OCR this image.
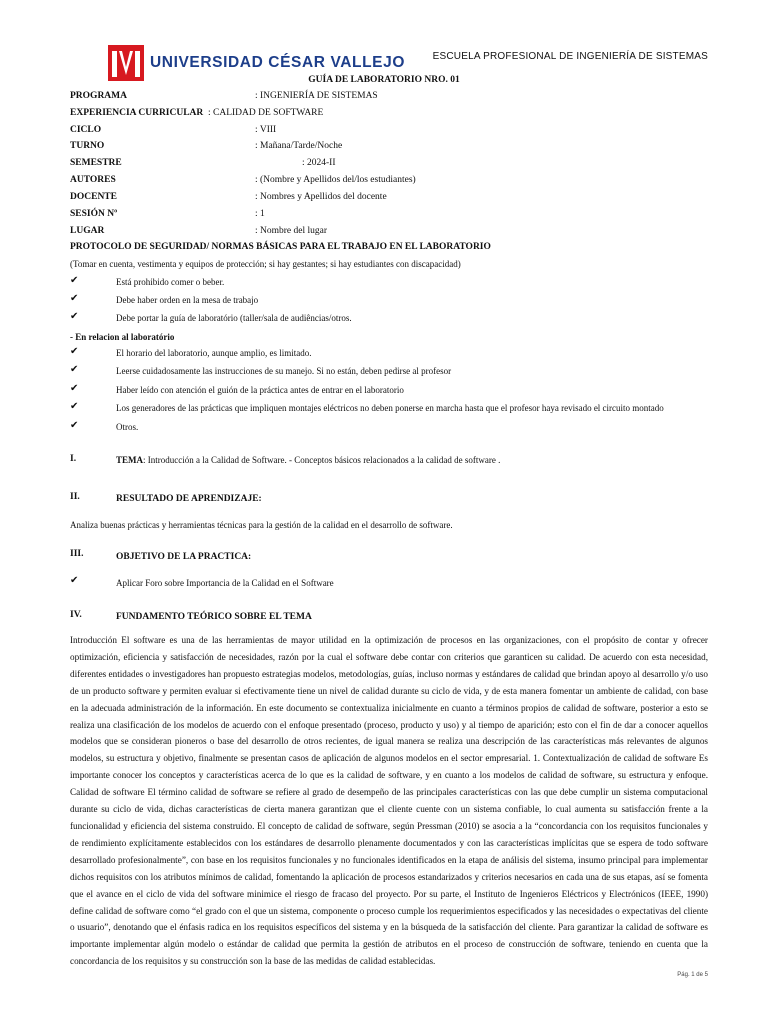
UNIVERSIDAD CÉSAR VALLEJO	ESCUELA PROFESIONAL DE INGENIERÍA DE SISTEMAS
GUÍA DE LABORATORIO NRO. 01
PROGRAMA	: INGENIERÍA DE SISTEMAS
EXPERIENCIA CURRICULAR : CALIDAD DE SOFTWARE
CICLO	: VIII
TURNO	: Mañana/Tarde/Noche
SEMESTRE	: 2024-II
AUTORES	: (Nombre y Apellidos del/los estudiantes)
DOCENTE	: Nombres y Apellidos del docente
SESIÓN Nº	: 1
LUGAR	: Nombre del lugar
PROTOCOLO DE SEGURIDAD/ NORMAS BÁSICAS PARA EL TRABAJO EN EL LABORATORIO
(Tomar en cuenta, vestimenta y equipos de protección; si hay gestantes; si hay estudiantes con discapacidad)
✔	Está prohibido comer o beber.
✔	Debe haber orden en la mesa de trabajo
✔	Debe portar la guía de laboratório (taller/sala de audiências/otros.
- En relacion al laboratório
✔	El horario del laboratorio, aunque amplio, es limitado.
✔	Leerse cuidadosamente las instrucciones de su manejo. Si no están, deben pedirse al profesor
✔	Haber leído con atención el guión de la práctica antes de entrar en el laboratorio
✔	Los generadores de las prácticas que impliquen montajes eléctricos no deben ponerse en marcha hasta que el profesor haya revisado el circuito montado
✔	Otros.
I.	TEMA: Introducción a la Calidad de Software. - Conceptos básicos relacionados a la calidad de software .
II.	RESULTADO DE APRENDIZAJE:
Analiza buenas prácticas y herramientas técnicas para la gestión de la calidad en el desarrollo de software.
III.	OBJETIVO DE LA PRACTICA:
✔	Aplicar Foro sobre Importancia de la Calidad en el Software
IV.	FUNDAMENTO TEÓRICO SOBRE EL TEMA
Introducción El software es una de las herramientas de mayor utilidad en la optimización de procesos en las organizaciones, con el propósito de contar y ofrecer optimización, eficiencia y satisfacción de necesidades, razón por la cual el software debe contar con criterios que garanticen su calidad. De acuerdo con esta necesidad, diferentes entidades o investigadores han propuesto estrategias modelos, metodologías, guías, incluso normas y estándares de calidad que brindan apoyo al desarrollo y/o uso de un producto software y permiten evaluar si efectivamente tiene un nivel de calidad durante su ciclo de vida, y de esta manera fomentar un ambiente de calidad, con base en la adecuada administración de la información. En este documento se contextualiza inicialmente en cuanto a términos propios de calidad de software, posterior a esto se realiza una clasificación de los modelos de acuerdo con el enfoque presentado (proceso, producto y uso) y al tiempo de aparición; esto con el fin de dar a conocer aquellos modelos que se consideran pioneros o base del desarrollo de otros recientes, de igual manera se realiza una descripción de las características más relevantes de algunos modelos, su estructura y objetivo, finalmente se presentan casos de aplicación de algunos modelos en el sector empresarial. 1. Contextualización de calidad de software Es importante conocer los conceptos y características acerca de lo que es la calidad de software, y en cuanto a los modelos de calidad de software, su estructura y enfoque. Calidad de software El término calidad de software se refiere al grado de desempeño de las principales características con las que debe cumplir un sistema computacional durante su ciclo de vida, dichas características de cierta manera garantizan que el cliente cuente con un sistema confiable, lo cual aumenta su satisfacción frente a la funcionalidad y eficiencia del sistema construido. El concepto de calidad de software, según Pressman (2010) se asocia a la “concordancia con los requisitos funcionales y de rendimiento explícitamente establecidos con los estándares de desarrollo plenamente documentados y con las características implícitas que se espera de todo software desarrollado profesionalmente”, con base en los requisitos funcionales y no funcionales identificados en la etapa de análisis del sistema, insumo principal para implementar dichos requisitos con los atributos mínimos de calidad, fomentando la aplicación de procesos estandarizados y criterios necesarios en cada una de sus etapas, así se fomenta que el avance en el ciclo de vida del software minimice el riesgo de fracaso del proyecto. Por su parte, el Instituto de Ingenieros Eléctricos y Electrónicos (IEEE, 1990) define calidad de software como “el grado con el que un sistema, componente o proceso cumple los requerimientos especificados y las necesidades o expectativas del cliente o usuario”, denotando que el énfasis radica en los requisitos específicos del sistema y en la búsqueda de la satisfacción del cliente. Para garantizar la calidad de software es importante implementar algún modelo o estándar de calidad que permita la gestión de atributos en el proceso de construcción de software, teniendo en cuenta que la concordancia de los requisitos y su construcción son la base de las medidas de calidad establecidas.
Pág. 1 de 5
